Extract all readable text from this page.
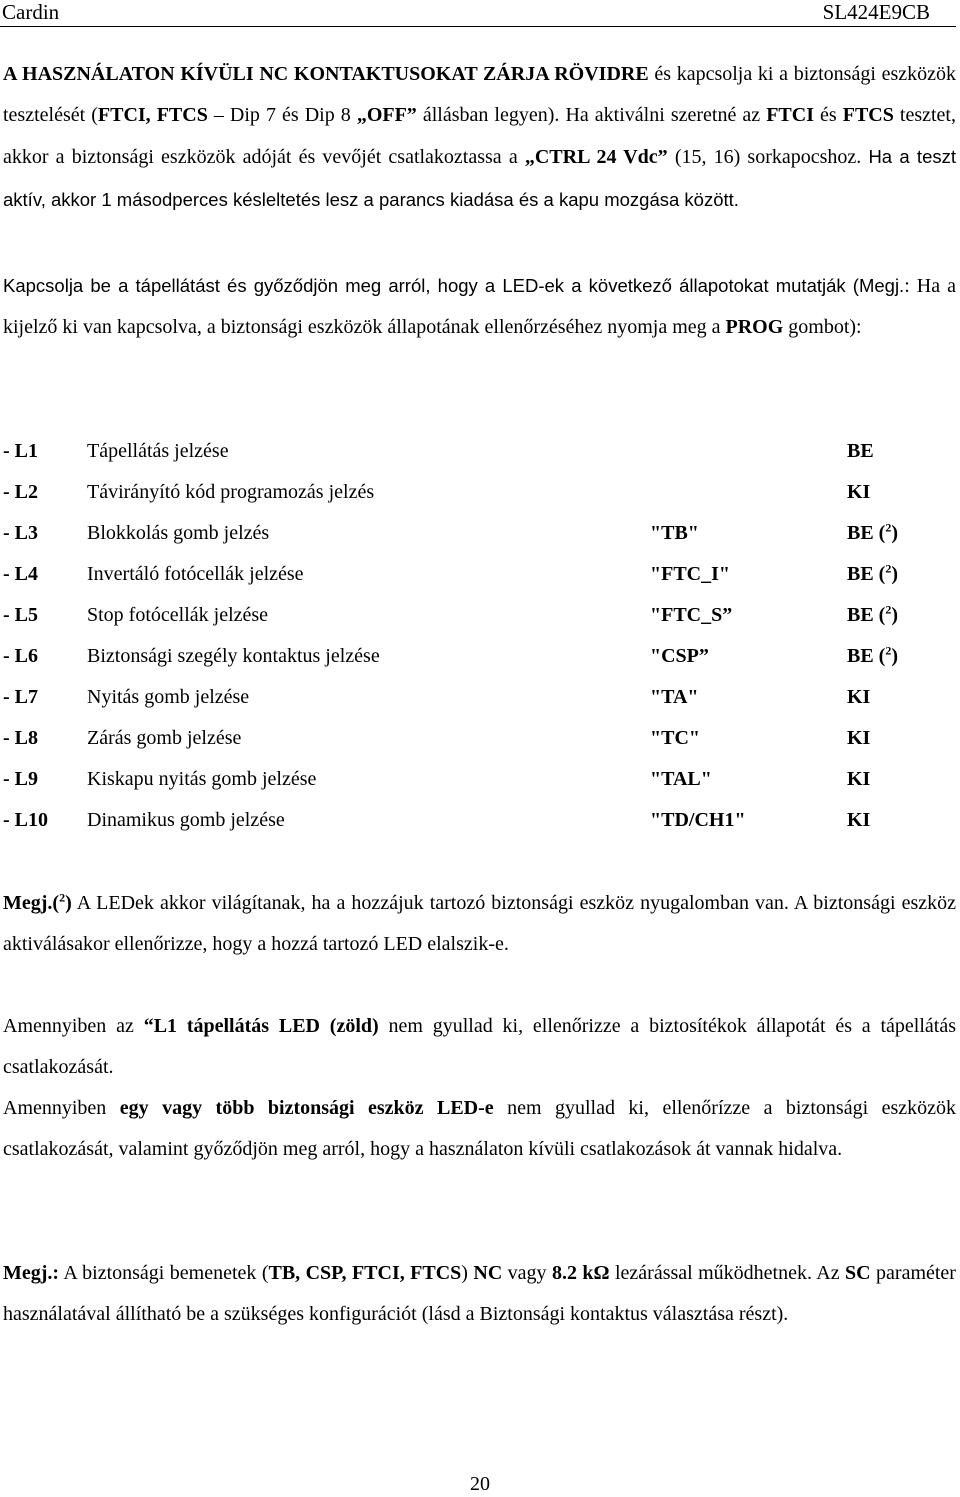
Cardin	SL424E9CB
A HASZNÁLATON KÍVÜLI NC KONTAKTUSOKAT ZÁRJA RÖVIDRE és kapcsolja ki a biztonsági eszközök tesztelését (FTCI, FTCS – Dip 7 és Dip 8 „OFF” állásban legyen). Ha aktiválni szeretné az FTCI és FTCS tesztet, akkor a biztonsági eszközök adóját és vevőjét csatlakoztassa a „CTRL 24 Vdc” (15, 16) sorkapocshoz. Ha a teszt aktív, akkor 1 másodperces késleltetés lesz a parancs kiadása és a kapu mozgása között.
Kapcsolja be a tápellátást és győződjön meg arról, hogy a LED-ek a következő állapotokat mutatják (Megj.: Ha a kijelző ki van kapcsolva, a biztonsági eszközök állapotának ellenőrzéséhez nyomja meg a PROG gombot):
- L1	Tápellátás jelzése		BE
- L2	Távirányító kód programozás jelzés		KI
- L3	Blokkolás gomb jelzés	"TB"	BE ($^2$)
- L4	Invertáló fotócellák jelzése	"FTC_I"	BE ($^2$)
- L5	Stop fotócellák jelzése	"FTC_S”	BE ($^2$)
- L6	Biztonsági szegély kontaktus jelzése	"CSP”	BE ($^2$)
- L7	Nyitás gomb jelzése	"TA"	KI
- L8	Zárás gomb jelzése	"TC"	KI
- L9	Kiskapu nyitás gomb jelzése	"TAL"	KI
- L10	Dinamikus gomb jelzése	"TD/CH1"	KI
Megj.($^2$) A LEDek akkor világítanak, ha a hozzájuk tartozó biztonsági eszköz nyugalomban van. A biztonsági eszköz aktiválásakor ellenőrizze, hogy a hozzá tartozó LED elalszik-e.
Amennyiben az “L1 tápellátás LED (zöld) nem gyullad ki, ellenőrizze a biztosítékok állapotát és a tápellátás csatlakozását.
Amennyiben egy vagy több biztonsági eszköz LED-e nem gyullad ki, ellenőrízze a biztonsági eszközök csatlakozását, valamint győződjön meg arról, hogy a használaton kívüli csatlakozások át vannak hidalva.
Megj.: A biztonsági bemenetek (TB, CSP, FTCI, FTCS) NC vagy 8.2 kΩ lezárással működhetnek. Az SC paraméter használatával állítható be a szükséges konfigurációt (lásd a Biztonsági kontaktus választása részt).
20
